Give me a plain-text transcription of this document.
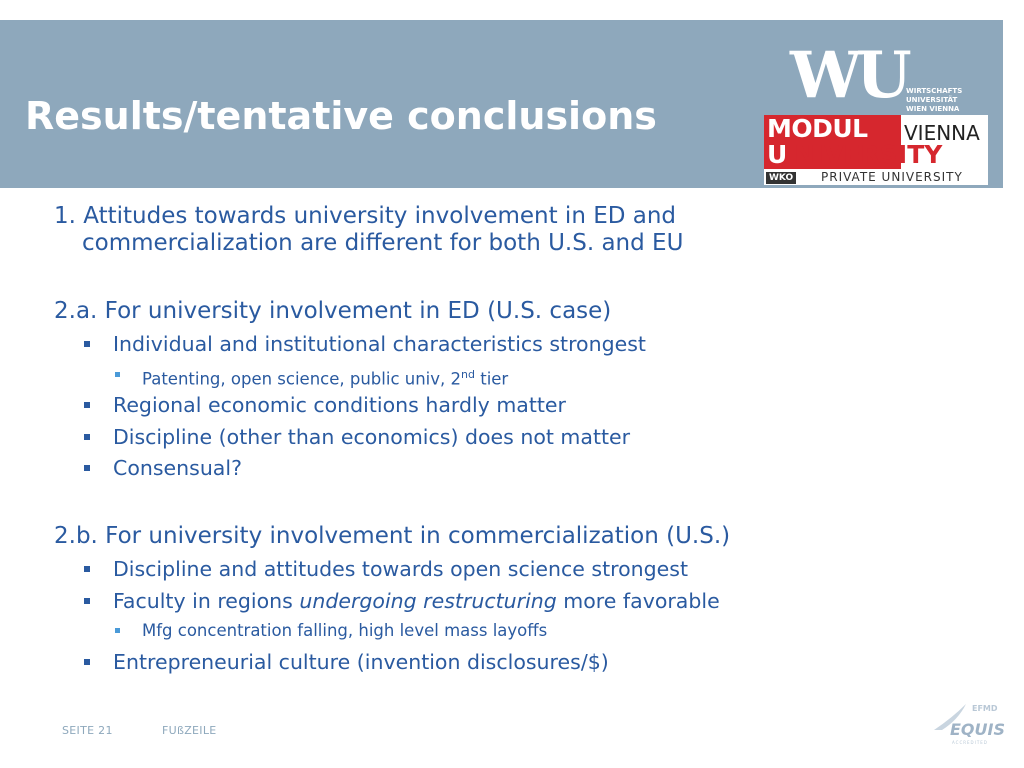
Results/tentative conclusions
WU WIRTSCHAFTS
UNIVERSITÄT
WIEN VIENNA
MODUL VIENNA
U NIVERSITY
WKO PRIVATE UNIVERSITY
1. Attitudes towards university involvement in ED and
commercialization are different for both U.S. and EU
2.a. For university involvement in ED (U.S. case)
Individual and institutional characteristics strongest
Patenting, open science, public univ, 2nd tier
Regional economic conditions hardly matter
Discipline (other than economics) does not matter
Consensual?
2.b. For university involvement in commercialization (U.S.)
Discipline and attitudes towards open science strongest
Faculty in regions undergoing restructuring more favorable
Mfg concentration falling, high level mass layoffs
Entrepreneurial culture (invention disclosures/$)
SEITE 21	FUßZEILE
EFMD
EQUIS
ACCREDITED
